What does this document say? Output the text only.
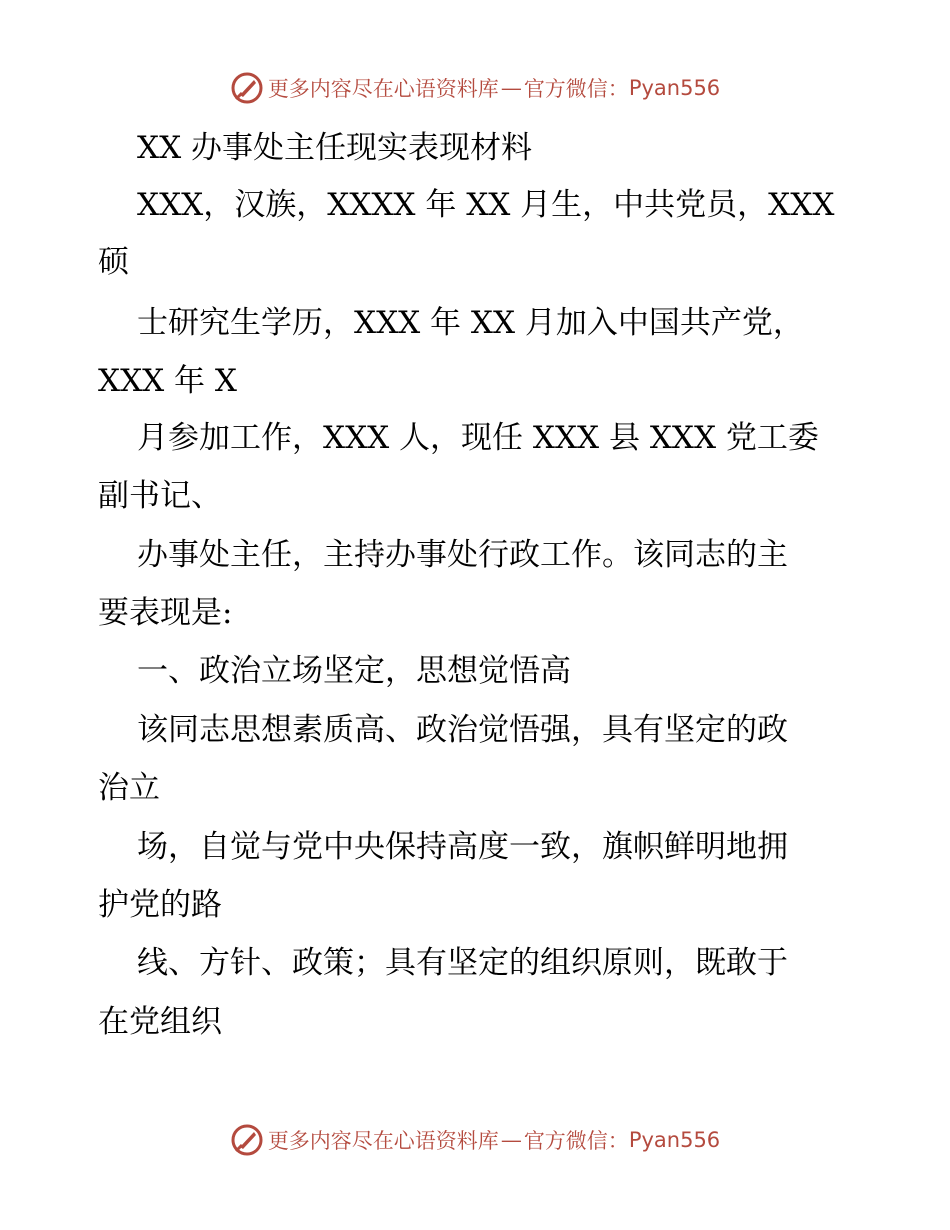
更多内容尽在心语资料库 — 官方微信： Pyan556
XX 办事处主任现实表现材料
XXX，汉族，XXXX 年 XX 月生，中共党员，XXX
硕
士研究生学历，XXX 年 XX 月加入中国共产党，
XXX 年 X
月参加工作，XXX 人，现任 XXX 县 XXX 党工委
副书记、
办事处主任，主持办事处行政工作。该同志的主
要表现是:
一、政治立场坚定，思想觉悟高
该同志思想素质高、政治觉悟强，具有坚定的政
治立
场，自觉与党中央保持高度一致，旗帜鲜明地拥
护党的路
线、方针、政策；具有坚定的组织原则，既敢于
在党组织
更多内容尽在心语资料库 — 官方微信： Pyan556
